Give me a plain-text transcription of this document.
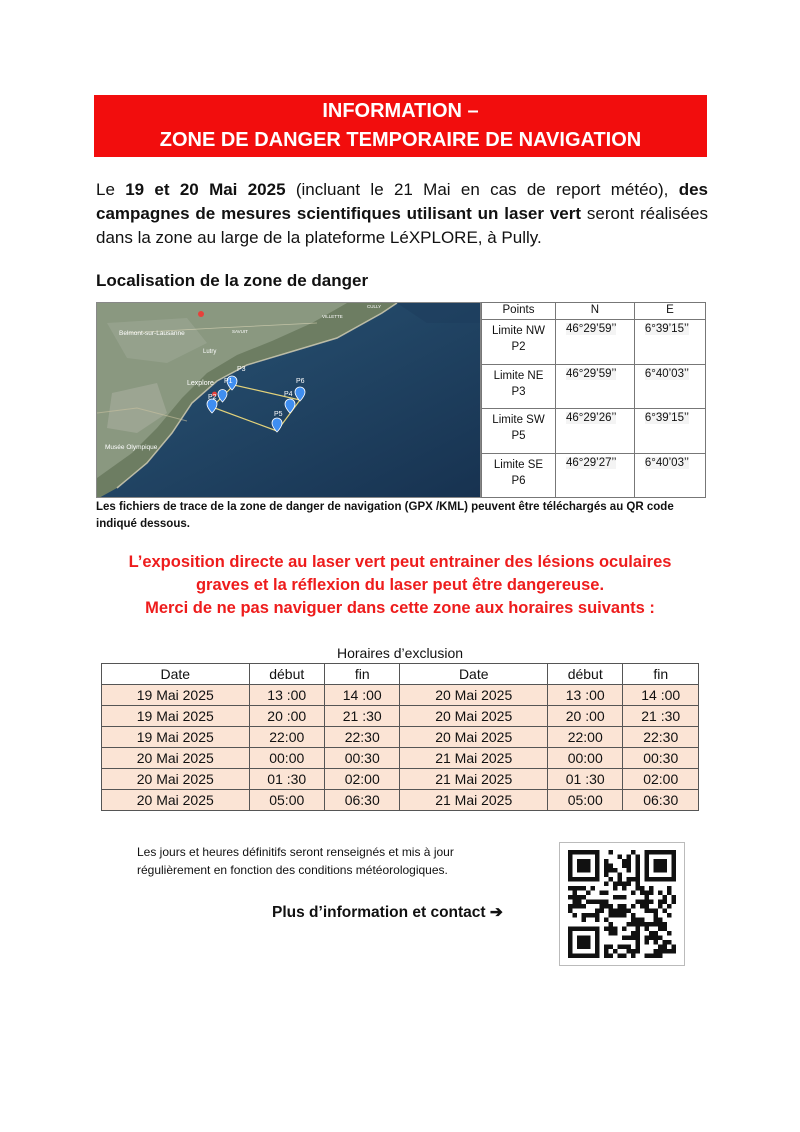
INFORMATION –
ZONE DE DANGER TEMPORAIRE DE NAVIGATION

Le 19 et 20 Mai 2025 (incluant le 21 Mai en cas de report météo), des campagnes de mesures scientifiques utilisant un laser vert seront réalisées dans la zone au large de la plateforme LéXPLORE, à Pully.

Localisation de la zone de danger
P3
P1
P2
P6
P4
P5
Lexplore
Belmont-sur-Lausanne
Lutry
Musée Olympique
SAVUIT
VILLETTE
CULLY	Points	N	E
Limite NW
P2	46°29’59’’	6°39’15’’
Limite NE
P3	46°29’59’’	6°40’03’’
Limite SW
P5	46°29’26’’	6°39’15’’
Limite SE
P6	46°29’27’’	6°40’03’’

Les fichiers de trace de la zone de danger de navigation (GPX /KML) peuvent être téléchargés au QR code indiqué dessous.

L’exposition directe au laser vert peut entrainer des lésions oculaires
graves et la réflexion du laser peut être dangereuse.
Merci de ne pas naviguer dans cette zone aux horaires suivants :
Horaires d’exclusion
Date	début	fin	Date	début	fin
19 Mai 2025	13 :00	14 :00	20 Mai 2025	13 :00	14 :00
19 Mai 2025	20 :00	21 :30	20 Mai 2025	20 :00	21 :30
19 Mai 2025	22:00	22:30	20 Mai 2025	22:00	22:30
20 Mai 2025	00:00	00:30	21 Mai 2025	00:00	00:30
20 Mai 2025	01 :30	02:00	21 Mai 2025	01 :30	02:00
20 Mai 2025	05:00	06:30	21 Mai 2025	05:00	06:30

Les jours et heures définitifs seront renseignés et mis à jour régulièrement en fonction des conditions météorologiques.

Plus d’information et contact ➔
